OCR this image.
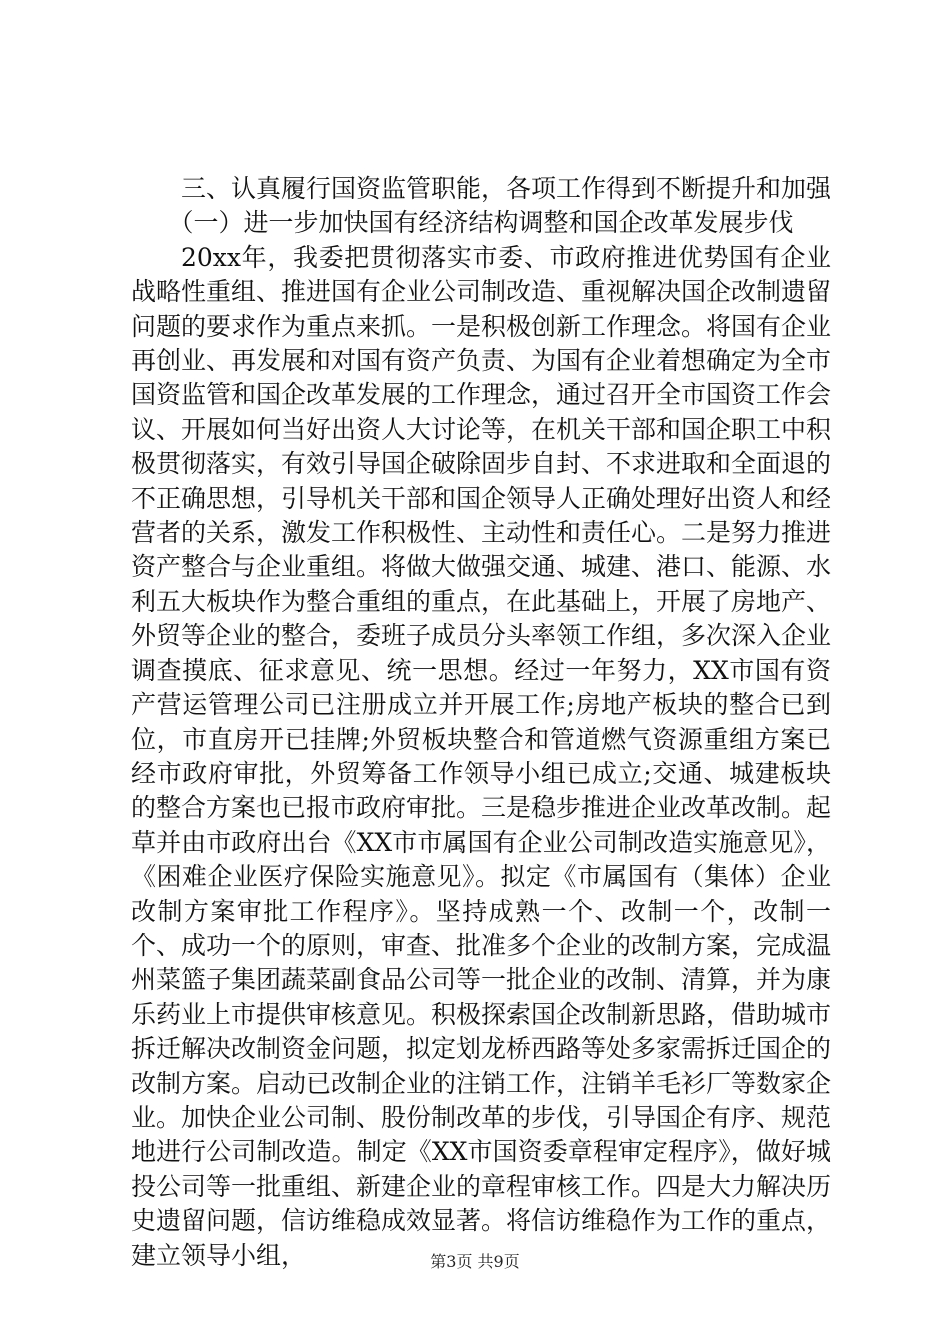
三、认真履行国资监管职能，各项工作得到不断提升和加强

（一）进一步加快国有经济结构调整和国企改革发展步伐

20xx年，我委把贯彻落实市委、市政府推进优势国有企业战略性重组、推进国有企业公司制改造、重视解决国企改制遗留问题的要求作为重点来抓。一是积极创新工作理念。将国有企业再创业、再发展和对国有资产负责、为国有企业着想确定为全市国资监管和国企改革发展的工作理念，通过召开全市国资工作会议、开展如何当好出资人大讨论等，在机关干部和国企职工中积极贯彻落实，有效引导国企破除固步自封、不求进取和全面退的不正确思想，引导机关干部和国企领导人正确处理好出资人和经营者的关系，激发工作积极性、主动性和责任心。二是努力推进资产整合与企业重组。将做大做强交通、城建、港口、能源、水利五大板块作为整合重组的重点，在此基础上，开展了房地产、外贸等企业的整合，委班子成员分头率领工作组，多次深入企业调查摸底、征求意见、统一思想。经过一年努力，XX市国有资产营运管理公司已注册成立并开展工作;房地产板块的整合已到位，市直房开已挂牌;外贸板块整合和管道燃气资源重组方案已经市政府审批，外贸筹备工作领导小组已成立;交通、城建板块的整合方案也已报市政府审批。三是稳步推进企业改革改制。起草并由市政府出台《XX市市属国有企业公司制改造实施意见》，《困难企业医疗保险实施意见》。拟定《市属国有（集体）企业改制方案审批工作程序》。坚持成熟一个、改制一个，改制一个、成功一个的原则，审查、批准多个企业的改制方案，完成温州菜篮子集团蔬菜副食品公司等一批企业的改制、清算，并为康乐药业上市提供审核意见。积极探索国企改制新思路，借助城市拆迁解决改制资金问题，拟定划龙桥西路等处多家需拆迁国企的改制方案。启动已改制企业的注销工作，注销羊毛衫厂等数家企业。加快企业公司制、股份制改革的步伐，引导国企有序、规范地进行公司制改造。制定《XX市国资委章程审定程序》，做好城投公司等一批重组、新建企业的章程审核工作。四是大力解决历史遗留问题，信访维稳成效显著。将信访维稳作为工作的重点，建立领导小组，	第3页 共9页
